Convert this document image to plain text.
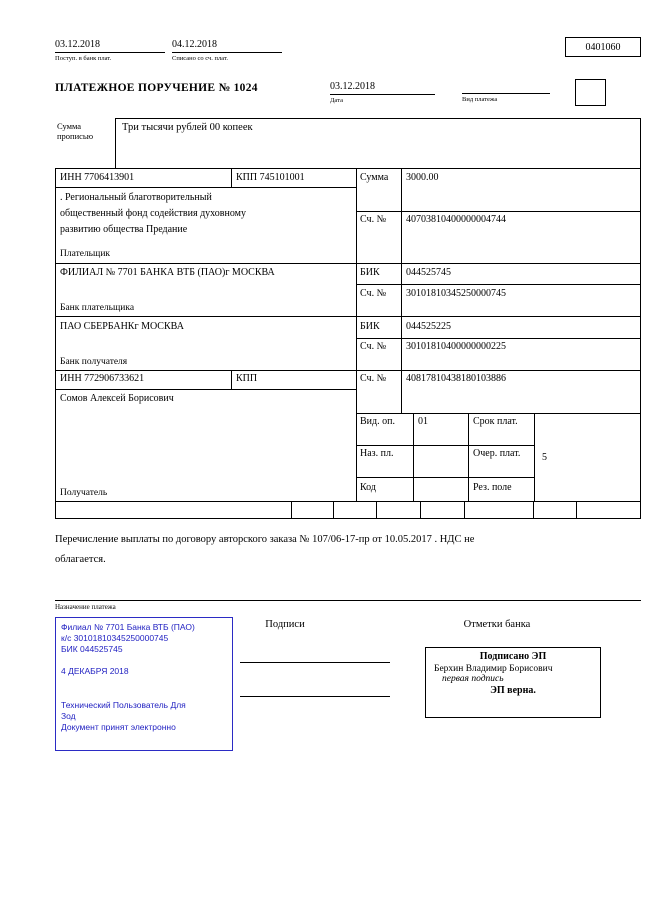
03.12.2018
Поступ. в банк плат.
04.12.2018
Списано со сч. плат.
0401060
ПЛАТЕЖНОЕ ПОРУЧЕНИЕ № 1024	03.12.2018
Дата	Вид платежа
Сумма прописью
Три тысячи рублей 00 копеек
ИНН 7706413901	КПП 745101001	Сумма 3000.00
. Региональный благотворительный
общественный фонд содействия духовному
развитию общества Предание
Сч. № 40703810400000004744
Плательщик
ФИЛИАЛ № 7701 БАНКА ВТБ (ПАО)г МОСКВА	БИК	044525745
Сч. № 30101810345250000745
Банк плательщика
ПАО СБЕРБАНКг МОСКВА	БИК	044525225
Сч. № 30101810400000000225
Банк получателя
ИНН 772906733621	КПП	Сч. № 40817810438180103886
Сомов Алексей Борисович
Получатель
Вид. оп. 01	Срок плат.
Наз. пл.	Очер. плат. 5
Код	Рез. поле
Перечисление выплаты по договору авторского заказа № 107/06-17-пр от 10.05.2017 . НДС не
облагается.
Назначение платежа
Подписи	Отметки банка
Филиал № 7701 Банка ВТБ (ПАО)
к/с 30101810345250000745
БИК 044525745
4 ДЕКАБРЯ 2018
Технический Пользователь Для
Зод
Документ принят электронно
Подписано ЭП
Берхин Владимир Борисович
первая подпись
ЭП верна.
